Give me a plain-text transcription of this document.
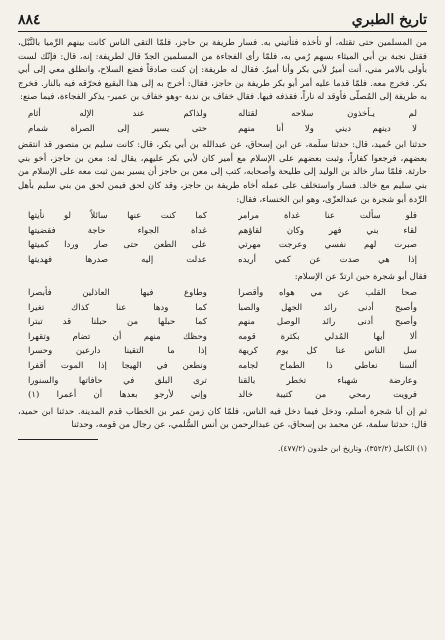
تاريخ الطبري
٨٨٤

من المسلمين حتى تقتله، أو تأخذه فتأتيني به. فسار طريفة بن حاجز، فلمّا التقى الناس كانت بينهم الرِّميا بالنَّبْل، فقتل نجبة بن أبي الميثاء بسهم رُمي به، فلمّا رأى الفجاءة من المسلمين الجدّ قال لطريفة: إنه، قال: فإنّك لست بأولى بالامر مني، أنت أميرُ لأبي بكر وأنا أميرٌ. فقال له طريفة: إن كنت صادقاً فضع السلاح، وانطلق معي إلى أبي بكر. فخرج معه. فلمّا قدما عليه أمر أبو بكر طريفة بن حاجز، فقال: أخرج به إلى هذا البقيع فحرّقه فيه بالنار. فخرج به طريفة إلى المُصلّى فأوقد له ناراً، فقذفه فيها. فقال خفاف بن ندبة -وهو خفاف بن عمير- يذكر الفجاءة، فيما صنع:

لم يـأخذون سلاحه لقتاله
ولذاكم عند الإله أثام
لا دينهم ديني ولا أنا منهم
حتى يسير إلى الصراة شمام

حدثنا ابن حُميد، قال: حدثنا سلَمة، عن ابن إسحاق، عن عبدالله بن أبي بكر، قال: كانت سليم بن منصور قد انتقض بعضهم، فرجعوا كفاراً، وثبت بعضهم على الإسلام مع أمير كان لأبي بكر عليهم، يقال له: معن بن حاجز، أخو بني حارثة. فلمّا سار خالد بن الوليد إلى طليحة وأصحابه، كتب إلى معن بن حاجز أن يسير بمن ثبت معه على الإسلام من بني سليم مع خالد. فسار واستخلف على عمله أخاه طريفة بن حاجز، وقد كان لحق فيمن لحق من بني سليم بأهل الرِّدة أبو شجرة بن عبدالعزّى، وهو ابن الخنساء، فقال:

فلو سألت عنا غداة مرامر
كما كنت عنها سائلاً لو نأيتها
لقاء بني فهر وكان لقاؤهم
غداة الجواء حاجة فقضيتها
صبرت لهم نفسي وعرجت مهرتي
على الطعن حتى صار وردا كميتها
إذا هي صدت عن كمي أريده
عدلت إليه صدرها فهديتها

فقال أبو شجرة حين ارتدّ عن الإسلام:

صحا القلب عن مي هواه وأقصرا
وطاوع فيها العاذلين فأبصرا
وأصبح أدنى رائد الجهل والصبا
كما ودها عنا كذاك تغيرا
وأصبح أدنى رائد الوصل منهم
كما حبلها من حبلنا قد تبترا
ألا أيها المُدلي بكثرة قومه
وحظك منهم أن تضام وتقهرا
سل الناس عنا كل يوم كريهة
إذا ما التقينا دارعين وحسرا
ألسنا نعاطي ذا الطماح لجامه
ونطعن في الهيجا إذا الموت أقفرا
وعارضة شهباء تخطر بالقنا
ترى البلق في حافاتها والسنورا
فرويت رمحي من كتيبة خالد
وإني لأرجو بعدها أن أعمرا (١)

ثم إن أبا شجرة أسلم، ودخل فيما دخل فيه الناس، فلمّا كان زمن عمر بن الخطاب قدم المدينة. حدثنا ابن حميد، قال: حدثنا سلمة، عن محمد بن إسحاق، عن عبدالرحمن بن أنس السُّلمي، عن رجال من قومه، وحدثنا

(١) الكامل (٣٥٢/٢)، وتاريخ ابن خلدون (٤٧٧/٢).
